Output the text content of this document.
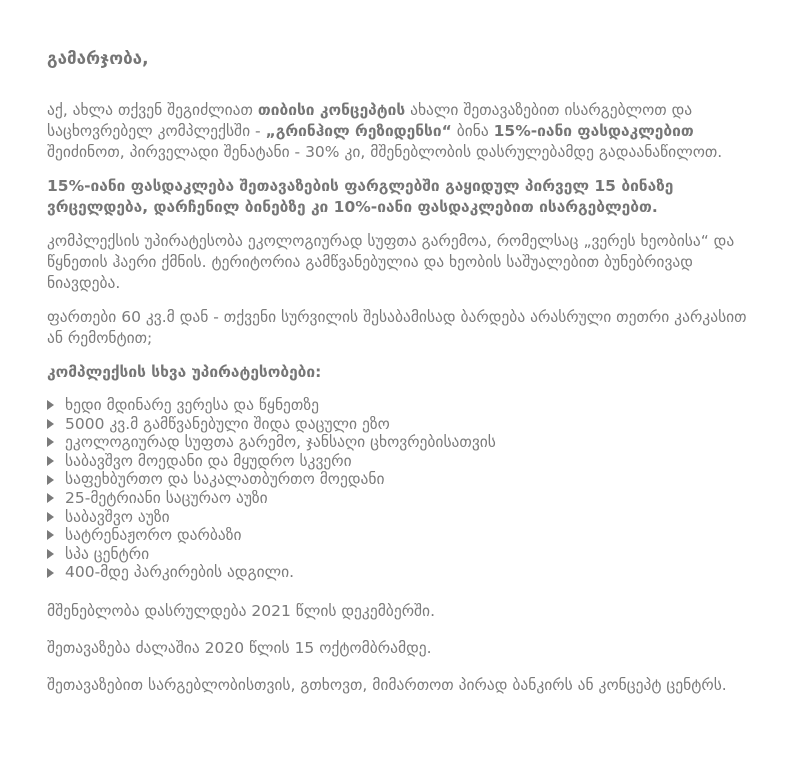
გამარჯობა,

აქ, ახლა თქვენ შეგიძლიათ თიბისი კონცეპტის ახალი შეთავაზებით ისარგებლოთ და საცხოვრებელ კომპლექსში - „გრინჰილ რეზიდენსი“ ბინა 15%-იანი ფასდაკლებით შეიძინოთ, პირველადი შენატანი - 30% კი, მშენებლობის დასრულებამდე გადაანაწილოთ.

15%-იანი ფასდაკლება შეთავაზების ფარგლებში გაყიდულ პირველ 15 ბინაზე ვრცელდება, დარჩენილ ბინებზე კი 10%-იანი ფასდაკლებით ისარგებლებთ.

კომპლექსის უპირატესობა ეკოლოგიურად სუფთა გარემოა, რომელსაც „ვერეს ხეობისა“ და წყნეთის ჰაერი ქმნის. ტერიტორია გამწვანებულია და ხეობის საშუალებით ბუნებრივად ნიავდება.

ფართები 60 კვ.მ დან - თქვენი სურვილის შესაბამისად ბარდება არასრული თეთრი კარკასით ან რემონტით;

კომპლექსის სხვა უპირატესობები:

ხედი მდინარე ვერესა და წყნეთზე
5000 კვ.მ გამწვანებული შიდა დაცული ეზო
ეკოლოგიურად სუფთა გარემო, ჯანსაღი ცხოვრებისათვის
საბავშვო მოედანი და მყუდრო სკვერი
საფეხბურთო და საკალათბურთო მოედანი
25-მეტრიანი საცურაო აუზი
საბავშვო აუზი
სატრენაჟორო დარბაზი
სპა ცენტრი
400-მდე პარკირების ადგილი.

მშენებლობა დასრულდება 2021 წლის დეკემბერში.

შეთავაზება ძალაშია 2020 წლის 15 ოქტომბრამდე.

შეთავაზებით სარგებლობისთვის, გთხოვთ, მიმართოთ პირად ბანკირს ან კონცეპტ ცენტრს.
